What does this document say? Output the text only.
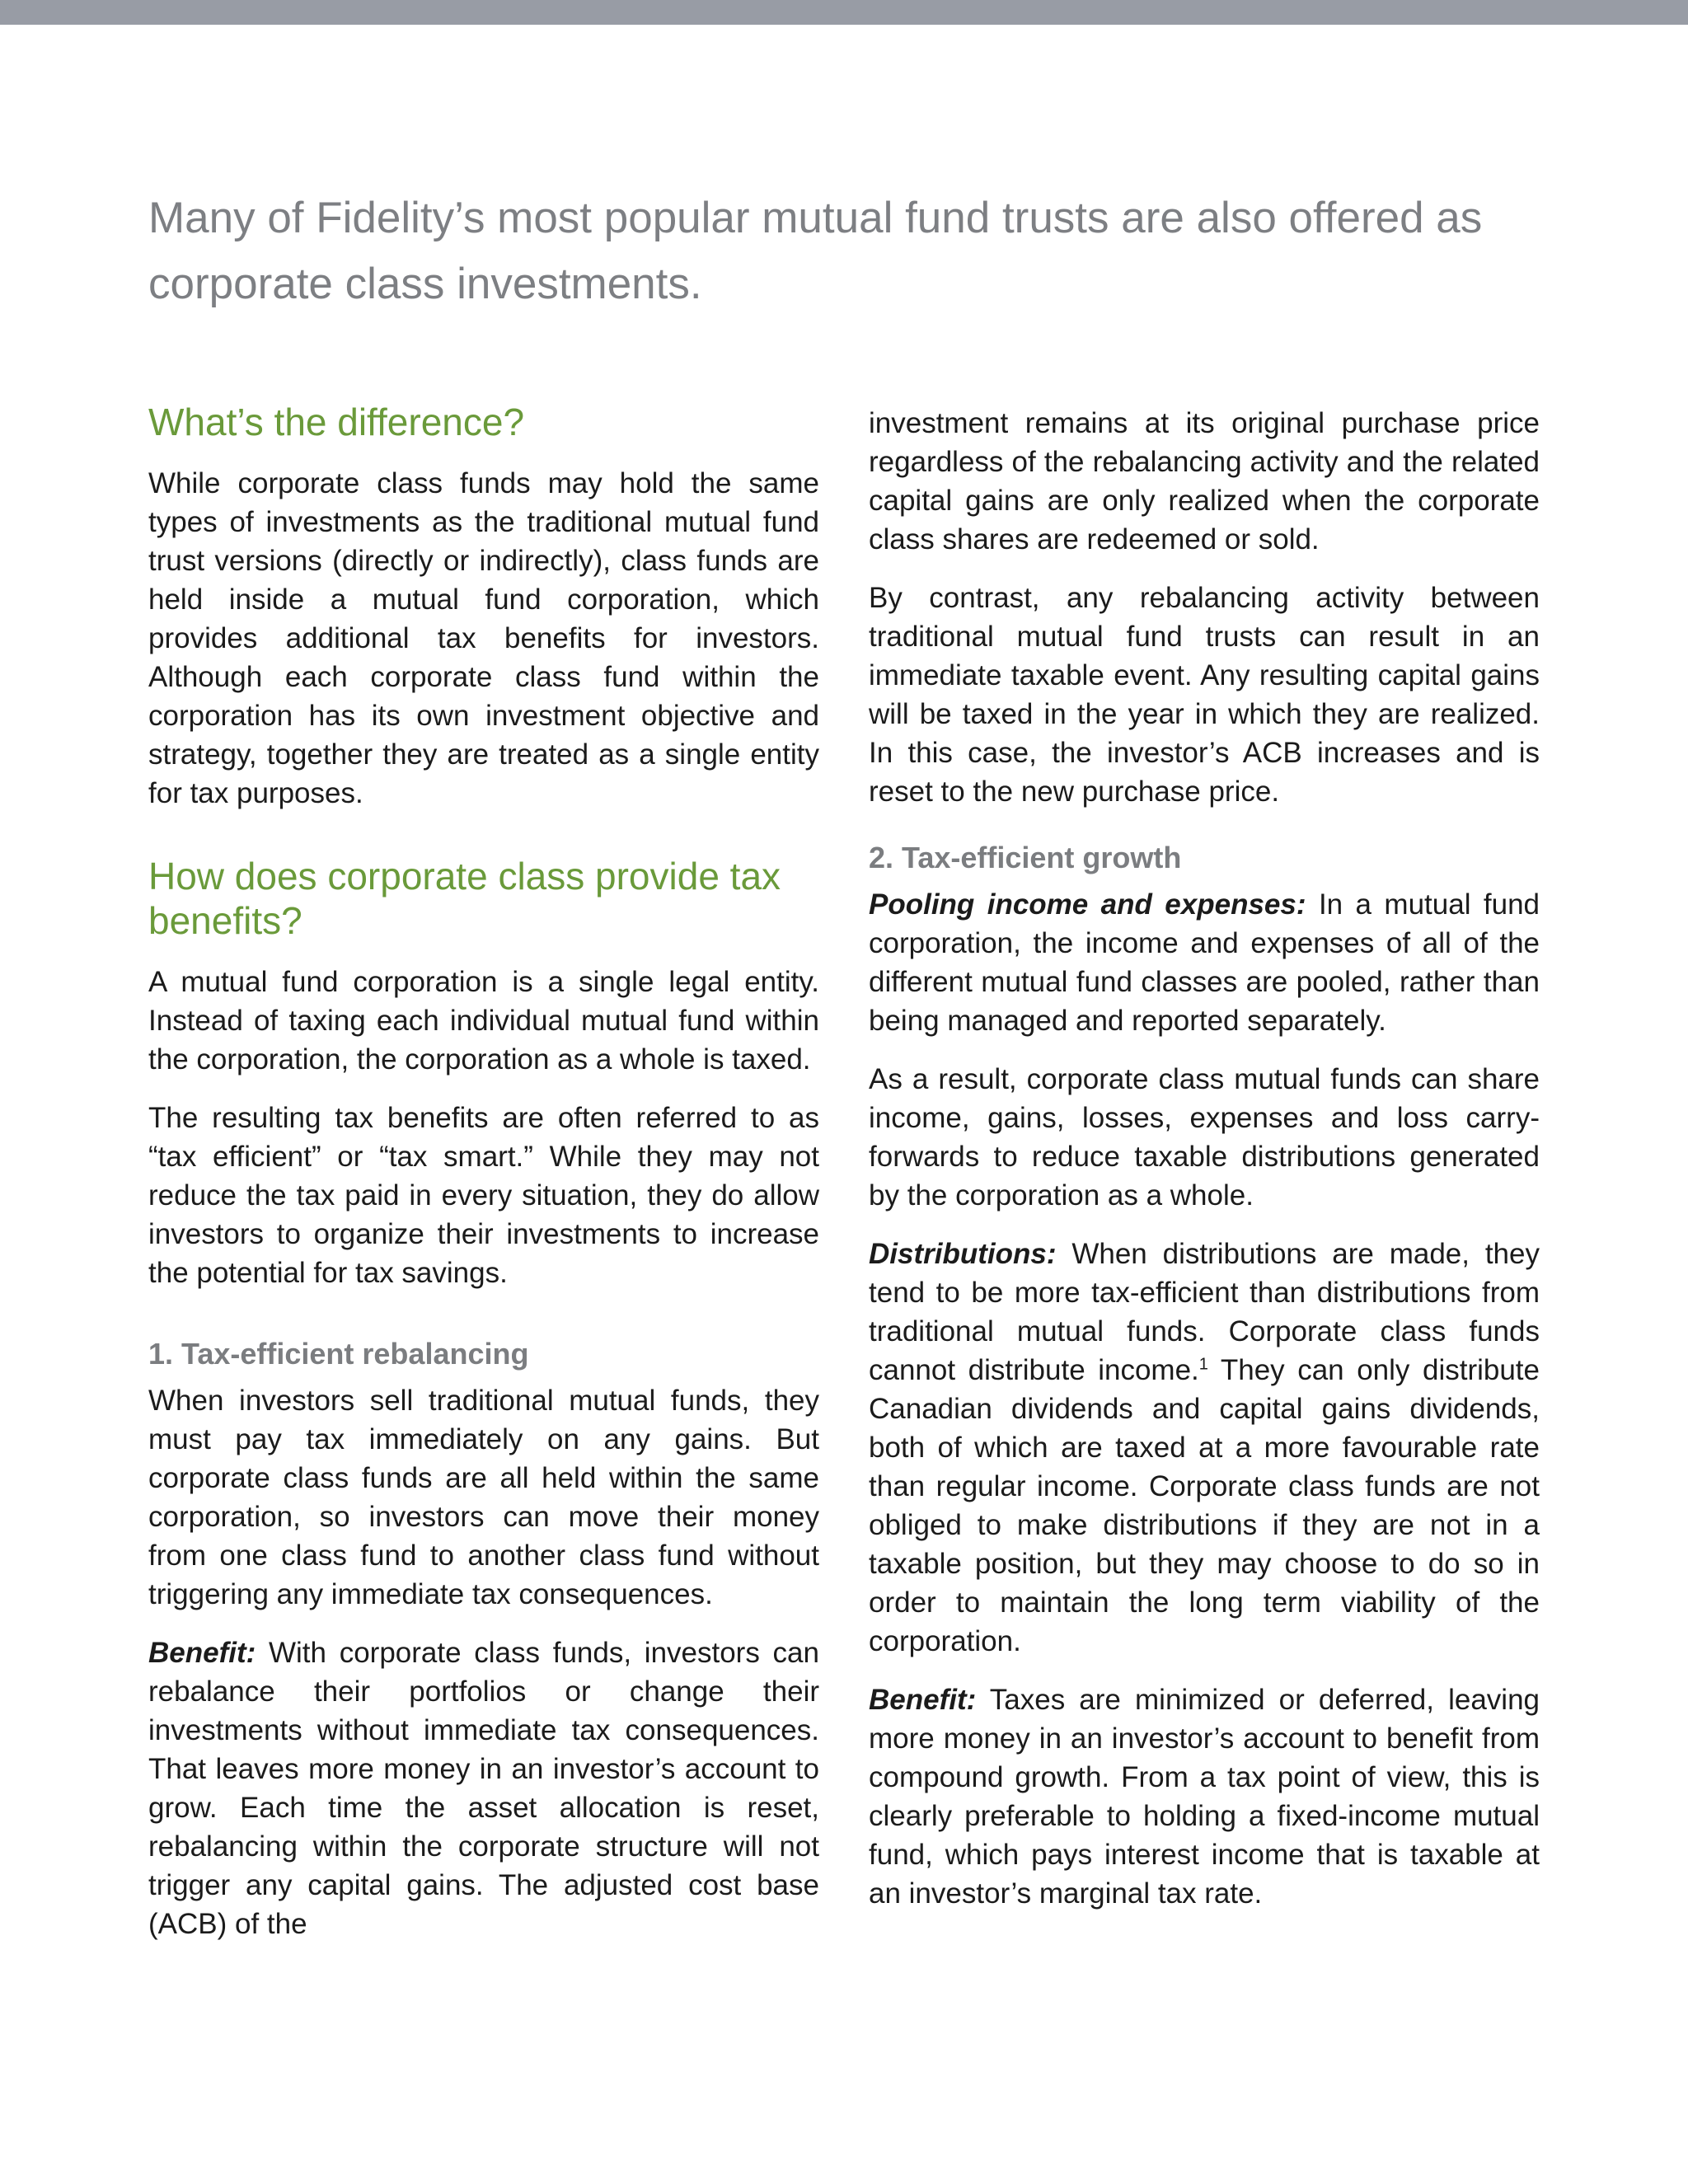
Many of Fidelity’s most popular mutual fund trusts are also offered as corporate class investments.
What’s the difference?

While corporate class funds may hold the same types of investments as the traditional mutual fund trust versions (directly or indirectly), class funds are held inside a mutual fund corporation, which provides additional tax benefits for investors. Although each corporate class fund within the corporation has its own investment objective and strategy, together they are treated as a single entity for tax purposes.

How does corporate class provide tax benefits?

A mutual fund corporation is a single legal entity. Instead of taxing each individual mutual fund within the corporation, the corporation as a whole is taxed.

The resulting tax benefits are often referred to as “tax efficient” or “tax smart.” While they may not reduce the tax paid in every situation, they do allow investors to organize their investments to increase the potential for tax savings.

1. Tax-efficient rebalancing

When investors sell traditional mutual funds, they must pay tax immediately on any gains. But corporate class funds are all held within the same corporation, so investors can move their money from one class fund to another class fund without triggering any immediate tax consequences.

Benefit: With corporate class funds, investors can rebalance their portfolios or change their investments without immediate tax consequences. That leaves more money in an investor’s account to grow. Each time the asset allocation is reset, rebalancing within the corporate structure will not trigger any capital gains. The adjusted cost base (ACB) of the

investment remains at its original purchase price regardless of the rebalancing activity and the related capital gains are only realized when the corporate class shares are redeemed or sold.

By contrast, any rebalancing activity between traditional mutual fund trusts can result in an immediate taxable event. Any resulting capital gains will be taxed in the year in which they are realized. In this case, the investor’s ACB increases and is reset to the new purchase price.

2. Tax-efficient growth

Pooling income and expenses: In a mutual fund corporation, the income and expenses of all of the different mutual fund classes are pooled, rather than being managed and reported separately.

As a result, corporate class mutual funds can share income, gains, losses, expenses and loss carry-forwards to reduce taxable distributions generated by the corporation as a whole.

Distributions: When distributions are made, they tend to be more tax-efficient than distributions from traditional mutual funds. Corporate class funds cannot distribute income.$^1$ They can only distribute Canadian dividends and capital gains dividends, both of which are taxed at a more favourable rate than regular income. Corporate class funds are not obliged to make distributions if they are not in a taxable position, but they may choose to do so in order to maintain the long term viability of the corporation.

Benefit: Taxes are minimized or deferred, leaving more money in an investor’s account to benefit from compound growth. From a tax point of view, this is clearly preferable to holding a fixed-income mutual fund, which pays interest income that is taxable at an investor’s marginal tax rate.
